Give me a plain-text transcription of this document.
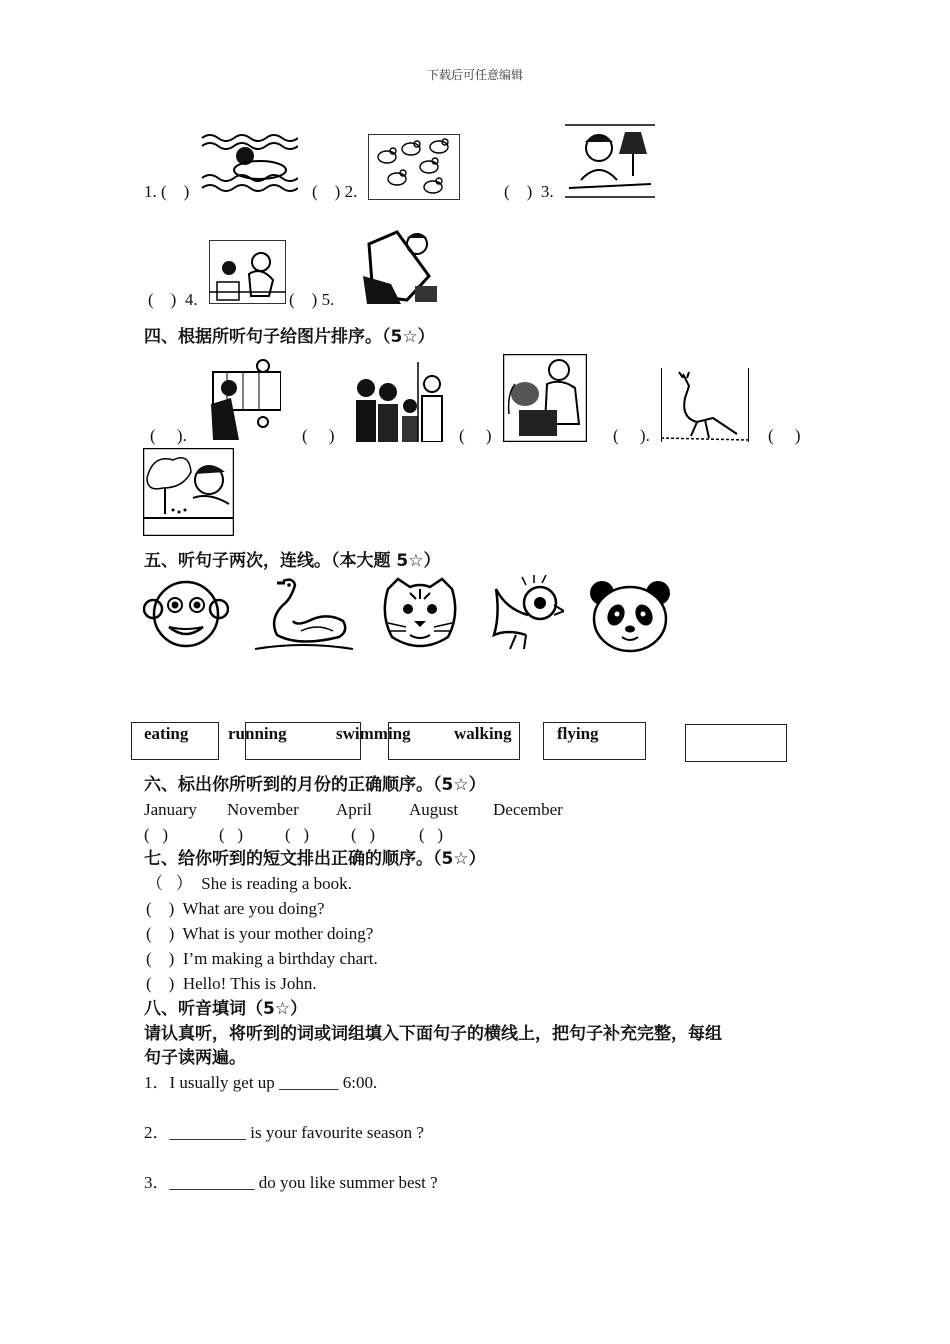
下载后可任意编辑
1. (    )	(    ) 2.	(    )  3.
(    )  4.	(    ) 5.
四、根据所听句子给图片排序。（5☆）
(     ).	(     )	(     )	(     ).	(     )
五、听句子两次，连线。（本大题 5☆）
eating running	swimming	walking	flying
六、标出你所听到的月份的正确顺序。（5☆）
January November April August December
(   )	(   ) (   ) (   )	(   )
七、给你听到的短文排出正确的顺序。（5☆）
（   ）  She is reading a book.
(    )  What are you doing?
(    )  What is your mother doing?
(    )  I’m making a birthday chart.
(    )  Hello! This is John.
八、听音填词（5☆）
请认真听，将听到的词或词组填入下面句子的横线上，把句子补充完整，每组
句子读两遍。
1．I usually get up _______ 6:00.
2．_________ is your favourite season ?
3．__________ do you like summer best ?
